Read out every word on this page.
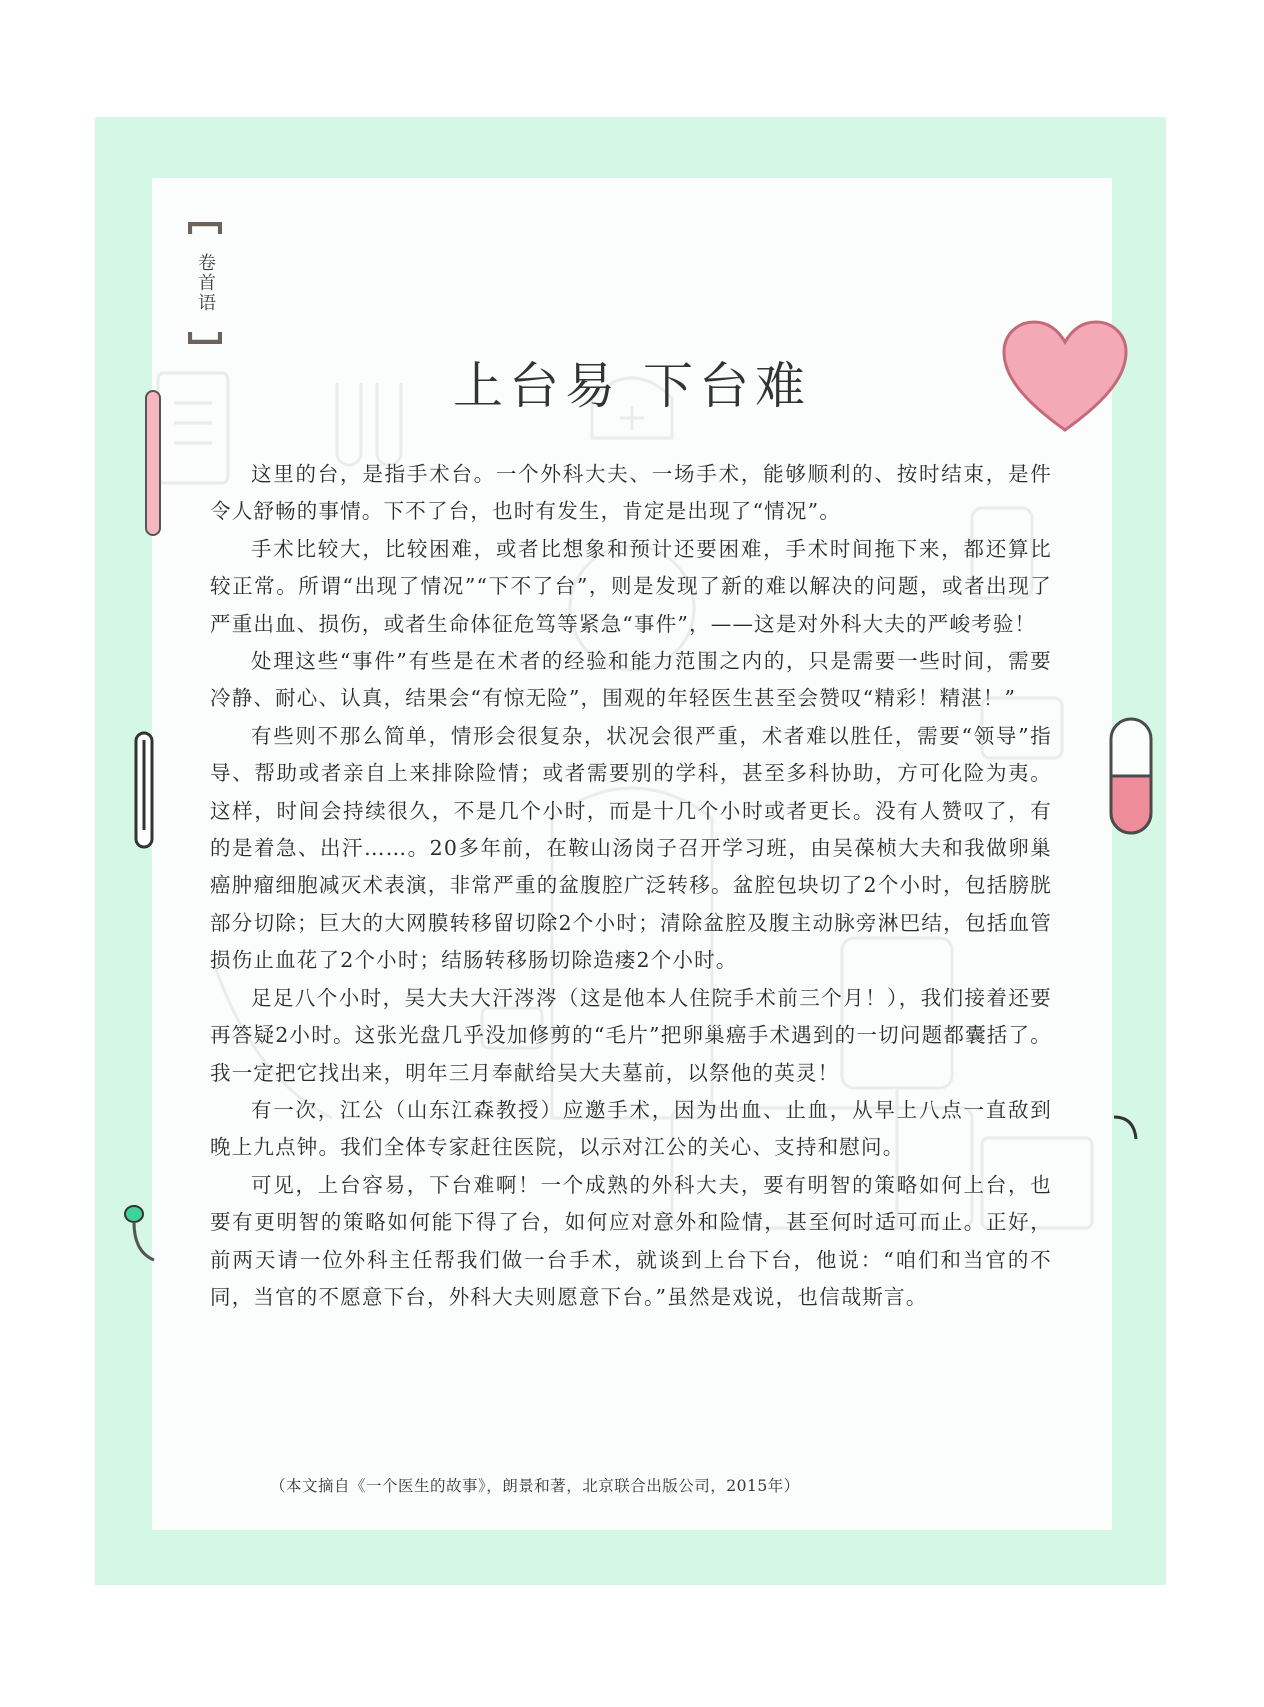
卷首语
上台易 下台难

这里的台，是指手术台。一个外科大夫、一场手术，能够顺利的、按时结束，是件令人舒畅的事情。下不了台，也时有发生，肯定是出现了“情况”。

手术比较大，比较困难，或者比想象和预计还要困难，手术时间拖下来，都还算比较正常。所谓“出现了情况”“下不了台”，则是发现了新的难以解决的问题，或者出现了严重出血、损伤，或者生命体征危笃等紧急“事件”，——这是对外科大夫的严峻考验！

处理这些“事件”有些是在术者的经验和能力范围之内的，只是需要一些时间，需要冷静、耐心、认真，结果会“有惊无险”，围观的年轻医生甚至会赞叹“精彩！精湛！”

有些则不那么简单，情形会很复杂，状况会很严重，术者难以胜任，需要“领导”指导、帮助或者亲自上来排除险情；或者需要别的学科，甚至多科协助，方可化险为夷。这样，时间会持续很久，不是几个小时，而是十几个小时或者更长。没有人赞叹了，有的是着急、出汗……。20多年前，在鞍山汤岗子召开学习班，由吴葆桢大夫和我做卵巢癌肿瘤细胞减灭术表演，非常严重的盆腹腔广泛转移。盆腔包块切了2个小时，包括膀胱部分切除；巨大的大网膜转移留切除2个小时；清除盆腔及腹主动脉旁淋巴结，包括血管损伤止血花了2个小时；结肠转移肠切除造瘘2个小时。

足足八个小时，吴大夫大汗涔涔（这是他本人住院手术前三个月！），我们接着还要再答疑2小时。这张光盘几乎没加修剪的“毛片”把卵巢癌手术遇到的一切问题都囊括了。我一定把它找出来，明年三月奉献给吴大夫墓前，以祭他的英灵！

有一次，江公（山东江森教授）应邀手术，因为出血、止血，从早上八点一直敌到晚上九点钟。我们全体专家赶往医院，以示对江公的关心、支持和慰问。

可见，上台容易，下台难啊！一个成熟的外科大夫，要有明智的策略如何上台，也要有更明智的策略如何能下得了台，如何应对意外和险情，甚至何时适可而止。正好，前两天请一位外科主任帮我们做一台手术，就谈到上台下台，他说：“咱们和当官的不同，当官的不愿意下台，外科大夫则愿意下台。”虽然是戏说，也信哉斯言。

（本文摘自《一个医生的故事》，朗景和著，北京联合出版公司，2015年）
